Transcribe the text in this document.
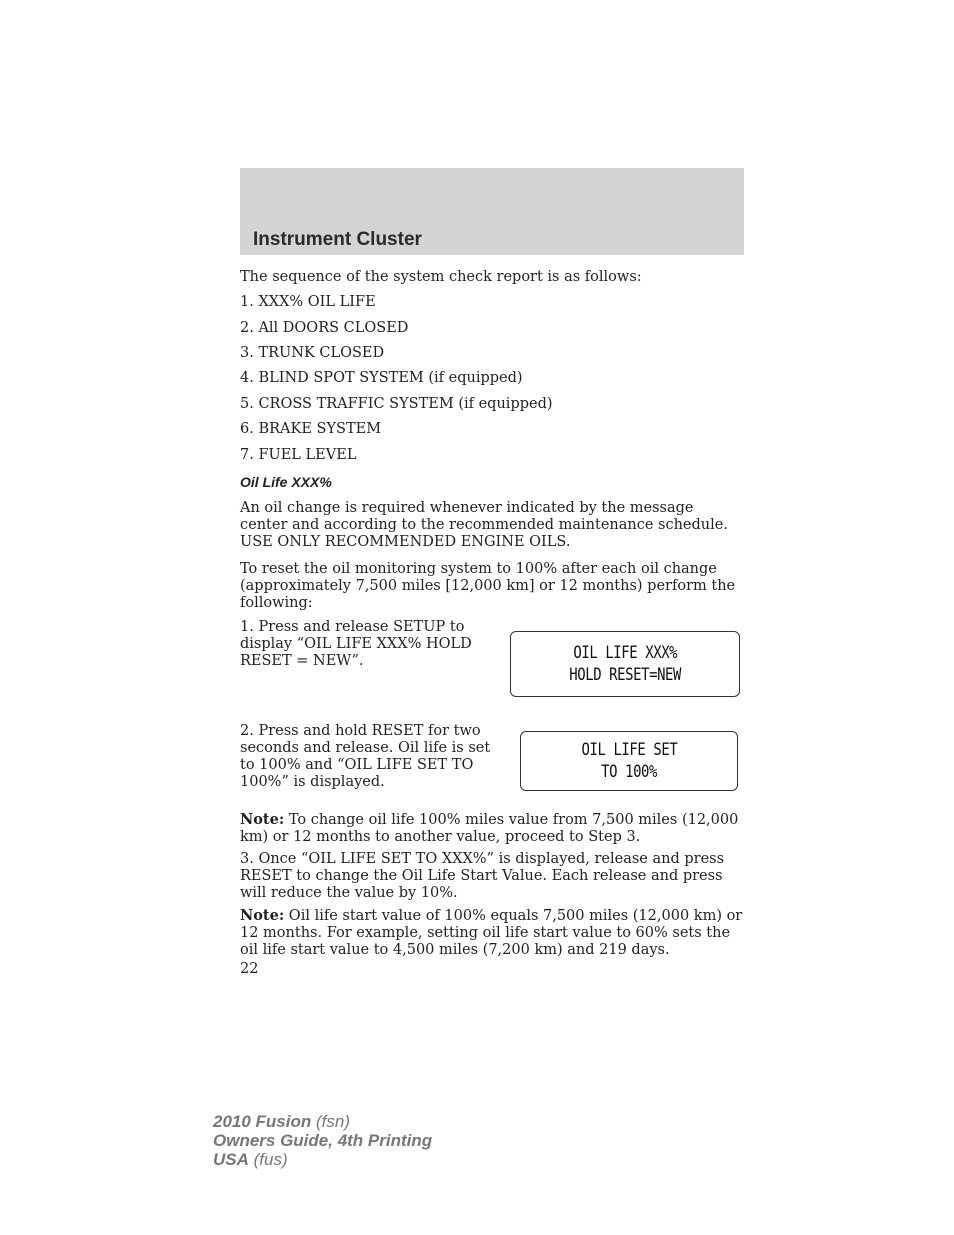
Instrument Cluster

The sequence of the system check report is as follows:

1. XXX% OIL LIFE

2. All DOORS CLOSED

3. TRUNK CLOSED

4. BLIND SPOT SYSTEM (if equipped)

5. CROSS TRAFFIC SYSTEM (if equipped)

6. BRAKE SYSTEM

7. FUEL LEVEL

Oil Life XXX%

An oil change is required whenever indicated by the message center and according to the recommended maintenance schedule. USE ONLY RECOMMENDED ENGINE OILS.

To reset the oil monitoring system to 100% after each oil change (approximately 7,500 miles [12,000 km] or 12 months) perform the following:

1. Press and release SETUP to display “OIL LIFE XXX% HOLD RESET = NEW”.	OIL LIFE XXX%
HOLD RESET=NEW

2. Press and hold RESET for two seconds and release. Oil life is set to 100% and “OIL LIFE SET TO 100%” is displayed.

OIL LIFE SET
TO 100%

Note: To change oil life 100% miles value from 7,500 miles (12,000 km) or 12 months to another value, proceed to Step 3.

3. Once “OIL LIFE SET TO XXX%” is displayed, release and press RESET to change the Oil Life Start Value. Each release and press will reduce the value by 10%.

Note: Oil life start value of 100% equals 7,500 miles (12,000 km) or 12 months. For example, setting oil life start value to 60% sets the oil life start value to 4,500 miles (7,200 km) and 219 days.

22

2010 Fusion (fsn)
Owners Guide, 4th Printing
USA (fus)
